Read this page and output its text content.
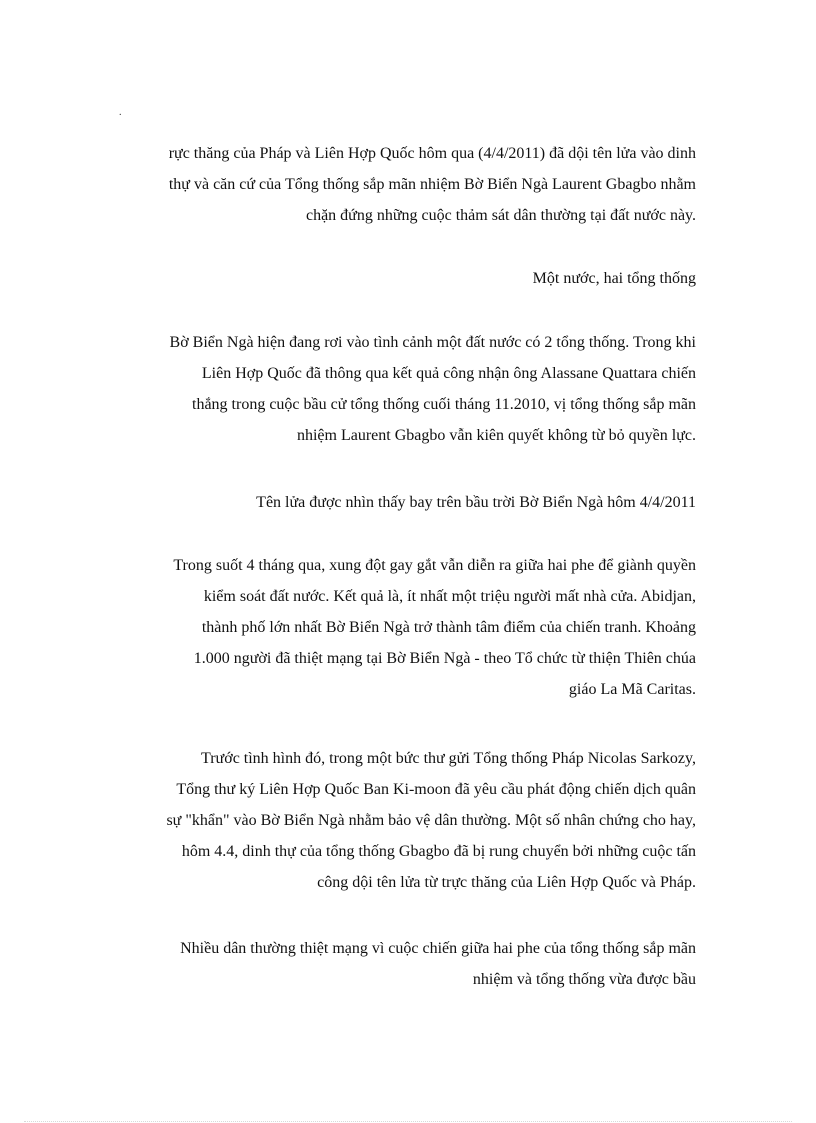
.

rực thăng của Pháp và Liên Hợp Quốc hôm qua (4/4/2011) đã dội tên lửa vào dinh
thự và căn cứ của Tổng thống sắp mãn nhiệm Bờ Biển Ngà Laurent Gbagbo nhằm
chặn đứng những cuộc thảm sát dân thường tại đất nước này.

Một nước, hai tổng thống

Bờ Biển Ngà hiện đang rơi vào tình cảnh một đất nước có 2 tổng thống. Trong khi
Liên Hợp Quốc đã thông qua kết quả công nhận ông Alassane Quattara chiến
thắng trong cuộc bầu cử tổng thống cuối tháng 11.2010, vị tổng thống sắp mãn
nhiệm Laurent Gbagbo vẫn kiên quyết không từ bỏ quyền lực.

Tên lửa được nhìn thấy bay trên bầu trời Bờ Biển Ngà hôm 4/4/2011

Trong suốt 4 tháng qua, xung đột gay gắt vẫn diễn ra giữa hai phe để giành quyền
kiểm soát đất nước. Kết quả là, ít nhất một triệu người mất nhà cửa. Abidjan,
thành phố lớn nhất Bờ Biển Ngà trở thành tâm điểm của chiến tranh. Khoảng
1.000 người đã thiệt mạng tại Bờ Biển Ngà - theo Tổ chức từ thiện Thiên chúa
giáo La Mã Caritas.

Trước tình hình đó, trong một bức thư gửi Tổng thống Pháp Nicolas Sarkozy,
Tổng thư ký Liên Hợp Quốc Ban Ki-moon đã yêu cầu phát động chiến dịch quân
sự "khẩn" vào Bờ Biển Ngà nhằm bảo vệ dân thường. Một số nhân chứng cho hay,
hôm 4.4, dinh thự của tổng thống Gbagbo đã bị rung chuyển bởi những cuộc tấn
công dội tên lửa từ trực thăng của Liên Hợp Quốc và Pháp.

Nhiều dân thường thiệt mạng vì cuộc chiến giữa hai phe của tổng thống sắp mãn
nhiệm và tổng thống vừa được bầu
